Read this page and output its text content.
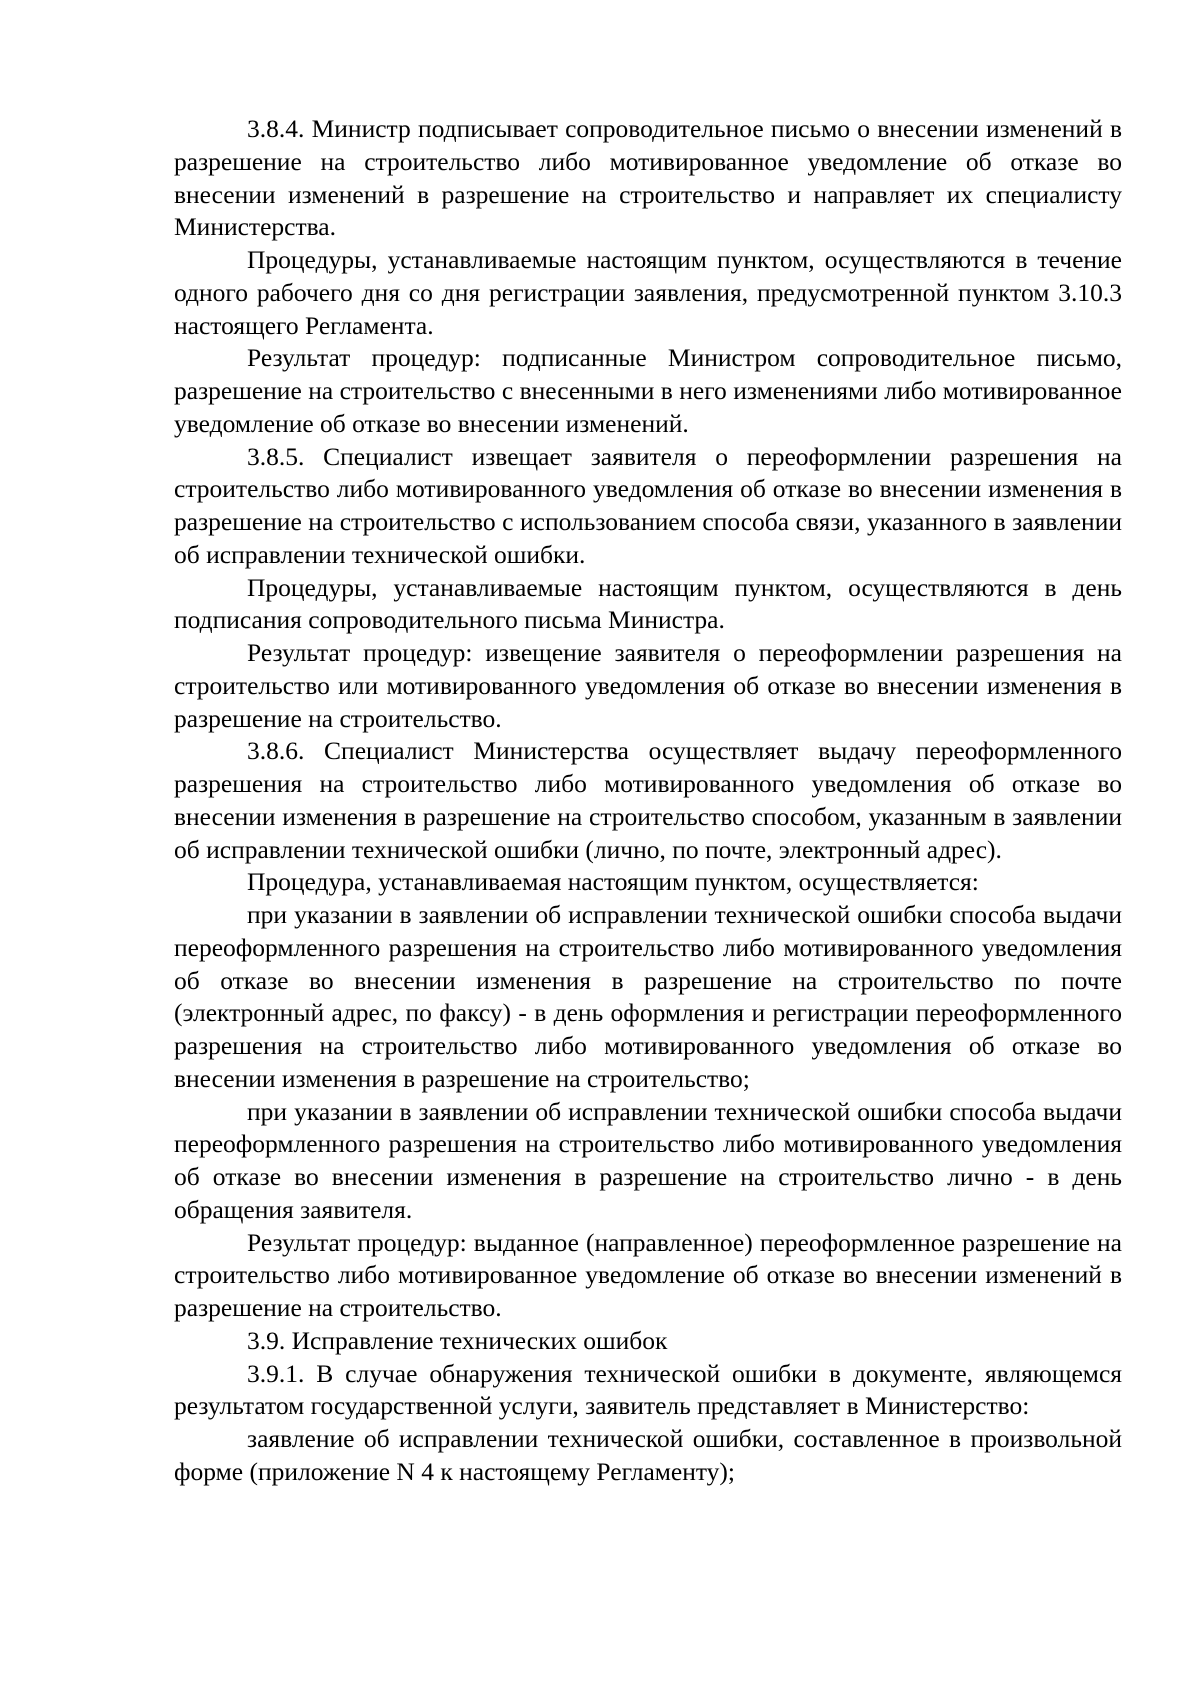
3.8.4. Министр подписывает сопроводительное письмо о внесении изменений в разрешение на строительство либо мотивированное уведомление об отказе во внесении изменений в разрешение на строительство и направляет их специалисту Министерства.

Процедуры, устанавливаемые настоящим пунктом, осуществляются в течение одного рабочего дня со дня регистрации заявления, предусмотренной пунктом 3.10.3 настоящего Регламента.

Результат процедур: подписанные Министром сопроводительное письмо, разрешение на строительство с внесенными в него изменениями либо мотивированное уведомление об отказе во внесении изменений.

3.8.5. Специалист извещает заявителя о переоформлении разрешения на строительство либо мотивированного уведомления об отказе во внесении изменения в разрешение на строительство с использованием способа связи, указанного в заявлении об исправлении технической ошибки.

Процедуры, устанавливаемые настоящим пунктом, осуществляются в день подписания сопроводительного письма Министра.

Результат процедур: извещение заявителя о переоформлении разрешения на строительство или мотивированного уведомления об отказе во внесении изменения в разрешение на строительство.

3.8.6. Специалист Министерства осуществляет выдачу переоформленного разрешения на строительство либо мотивированного уведомления об отказе во внесении изменения в разрешение на строительство способом, указанным в заявлении об исправлении технической ошибки (лично, по почте, электронный адрес).

Процедура, устанавливаемая настоящим пунктом, осуществляется:

при указании в заявлении об исправлении технической ошибки способа выдачи переоформленного разрешения на строительство либо мотивированного уведомления об отказе во внесении изменения в разрешение на строительство по почте (электронный адрес, по факсу) - в день оформления и регистрации переоформленного разрешения на строительство либо мотивированного уведомления об отказе во внесении изменения в разрешение на строительство;

при указании в заявлении об исправлении технической ошибки способа выдачи переоформленного разрешения на строительство либо мотивированного уведомления об отказе во внесении изменения в разрешение на строительство лично - в день обращения заявителя.

Результат процедур: выданное (направленное) переоформленное разрешение на строительство либо мотивированное уведомление об отказе во внесении изменений в разрешение на строительство.

3.9. Исправление технических ошибок

3.9.1. В случае обнаружения технической ошибки в документе, являющемся результатом государственной услуги, заявитель представляет в Министерство:

заявление об исправлении технической ошибки, составленное в произвольной форме (приложение N 4 к настоящему Регламенту);
